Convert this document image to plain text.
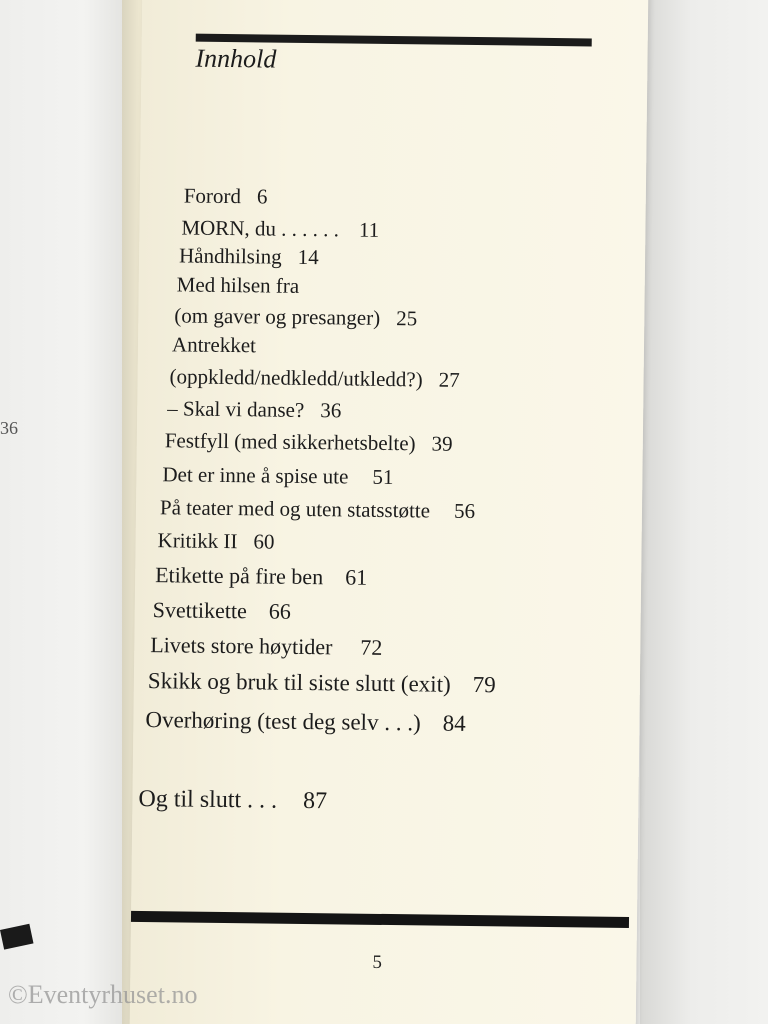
36
Innhold
Forord 6
MORN, du . . . . . . 11
Håndhilsing 14
Med hilsen fra
(om gaver og presanger) 25
Antrekket
(oppkledd/nedkledd/utkledd?) 27
– Skal vi danse? 36
Festfyll (med sikkerhetsbelte) 39
Det er inne å spise ute 51
På teater med og uten statsstøtte 56
Kritikk II 60
Etikette på fire ben 61
Svettikette 66
Livets store høytider 72
Skikk og bruk til siste slutt (exit) 79
Overhøring (test deg selv . . .) 84
Og til slutt . . . 87
5
©Eventyrhuset.no
